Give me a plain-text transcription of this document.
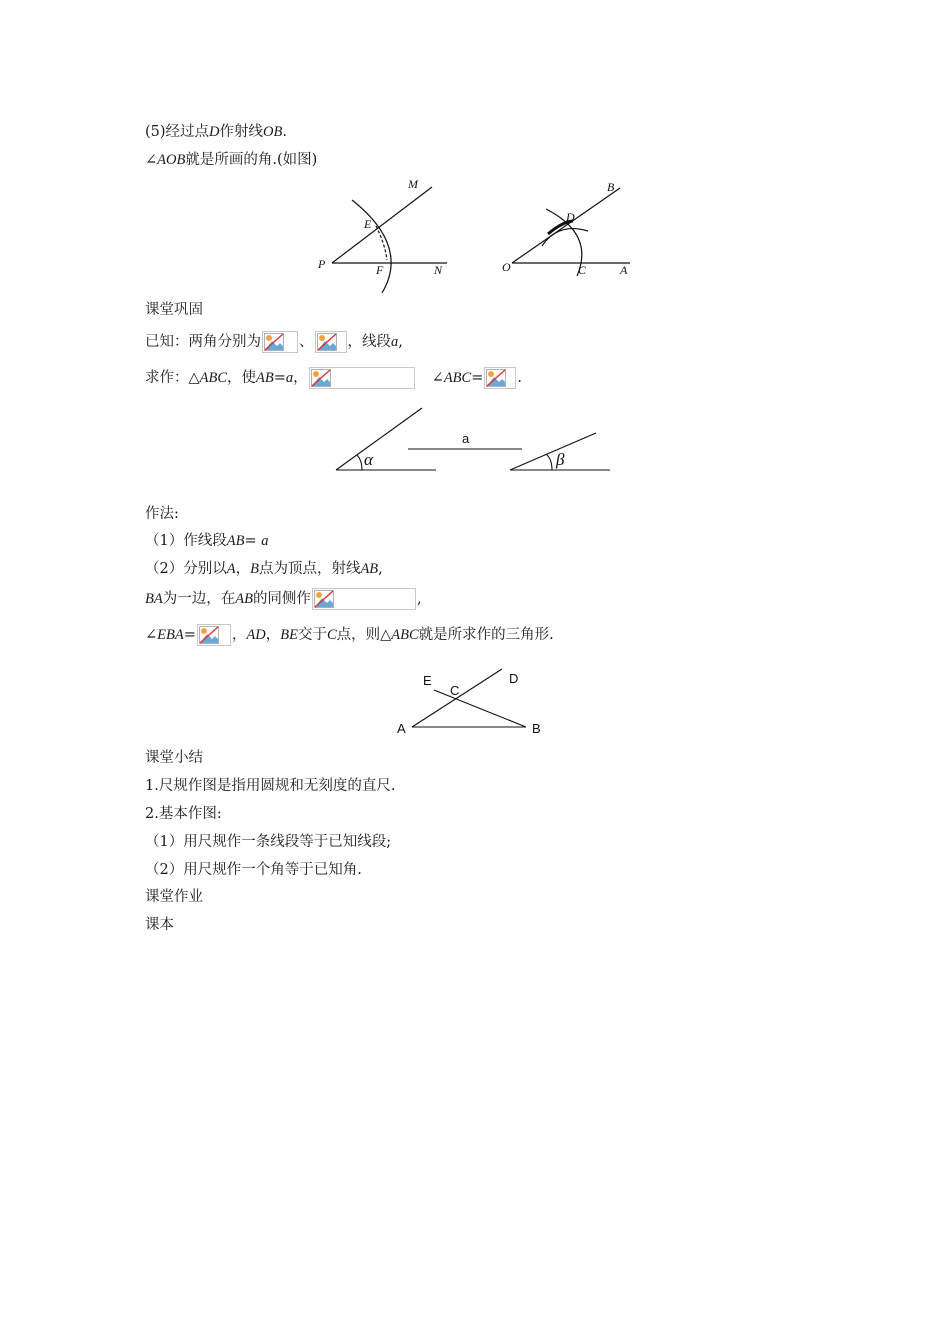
(5)经过点D作射线OB.
∠AOB就是所画的角.(如图)
M
E
P	F	N
B
D
O	C	A
课堂巩固
已知：两角分别为	、 ，线段a,
求作：△ABC，使AB=a，	∠ABC= .
α
a
β
作法:
（1）作线段AB= a
（2）分别以A，B点为顶点，射线AB,
BA为一边，在AB的同侧作	,
∠EBA= ，AD，BE交于C点，则△ABC就是所求作的三角形.
E
C
D
A	B
课堂小结
1.尺规作图是指用圆规和无刻度的直尺.
2.基本作图:
（1）用尺规作一条线段等于已知线段;
（2）用尺规作一个角等于已知角.
课堂作业
课本
